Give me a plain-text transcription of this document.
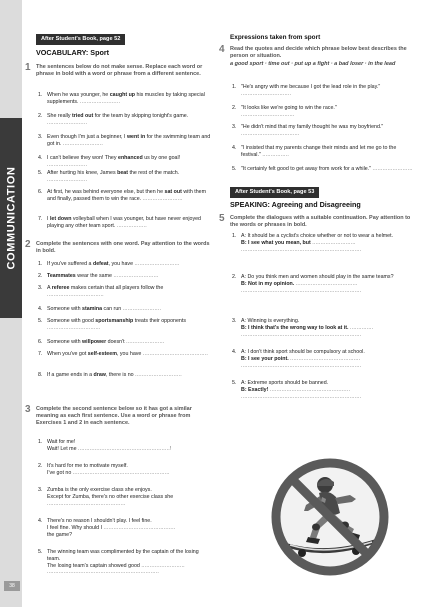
COMMUNICATION
38
After Student's Book, page 52
VOCABULARY: Sport
1 The sentences below do not make sense. Replace each word or phrase in bold with a word or phrase from a different sentence.
1. When he was younger, he caught up his muscles by taking special supplements. ........................
2. She really tried out for the team by skipping tonight's game. ........................
3. Even though I'm just a beginner, I went in for the swimming team and got in. ........................
4. I can't believe they won! They enhanced us by one goal! ........................
5. After hurting his knee, James beat the rest of the match. ........................
6. At first, he was behind everyone else, but then he sat out with them and finally, passed them to win the race. ........................
7. I let down volleyball when I was younger, but have never enjoyed playing any other team sport. ..................
2 Complete the sentences with one word. Pay attention to the words in bold.
1. If you've suffered a defeat, you have ...........................
2. Teammates wear the same ...........................
3. A referee makes certain that all players follow the ..................................
4. Someone with stamina can run .......................
5. Someone with good sportsmanship treats their opponents ................................
6. Someone with willpower doesn't .......................
7. When you've got self-esteem, you have .......................................
8. If a game ends in a draw, there is no ............................
3 Complete the second sentence below so it has got a similar meaning as each first sentence. Use a word or phrase from Exercises 1 and 2 in each sentence.
1. Wait for me!
Wait! Let me .......................................................!
2. It's hard for me to motivate myself.
I've got no ..........................................................
3. Zumba is the only exercise class she enjoys.
Except for Zumba, there's no other exercise class she
...............................................
4. There's no reason I shouldn't play. I feel fine.
I feel fine. Why should I ...........................................
the game?
5. The winning team was complimented by the captain of the losing team.
The losing team's captain showed good ..........................
...................................................................
Expressions taken from sport
4 Read the quotes and decide which phrase below best describes the person or situation.
a good sport · time out · put up a fight · a bad loser · in the lead
1. "He's angry with me because I got the lead role in the play." ..............................
2. "It looks like we're going to win the race."
................................
3. "He didn't mind that my family thought he was my boyfriend." ...................................
4. "I insisted that my parents change their minds and let me go to the festival." ................
5. "It certainly felt good to get away from work for a while." ........................
After Student's Book, page 53
SPEAKING: Agreeing and Disagreeing
5 Complete the dialogues with a suitable continuation. Pay attention to the words or phrases in bold.
1. A: It should be a cyclist's choice whether or not to wear a helmet.
B: I see what you mean, but ..........................
........................................................................
2. A: Do you think men and women should play in the same teams?
B: Not in my opinion. .....................................
........................................................................
3. A: Winning is everything.
B: I think that's the wrong way to look at it. ..............
........................................................................
4. A: I don't think sport should be compulsory at school.
B: I see your point. ..........................................
........................................................................
5. A: Extreme sports should be banned.
B: Exactly! ................................................
........................................................................
